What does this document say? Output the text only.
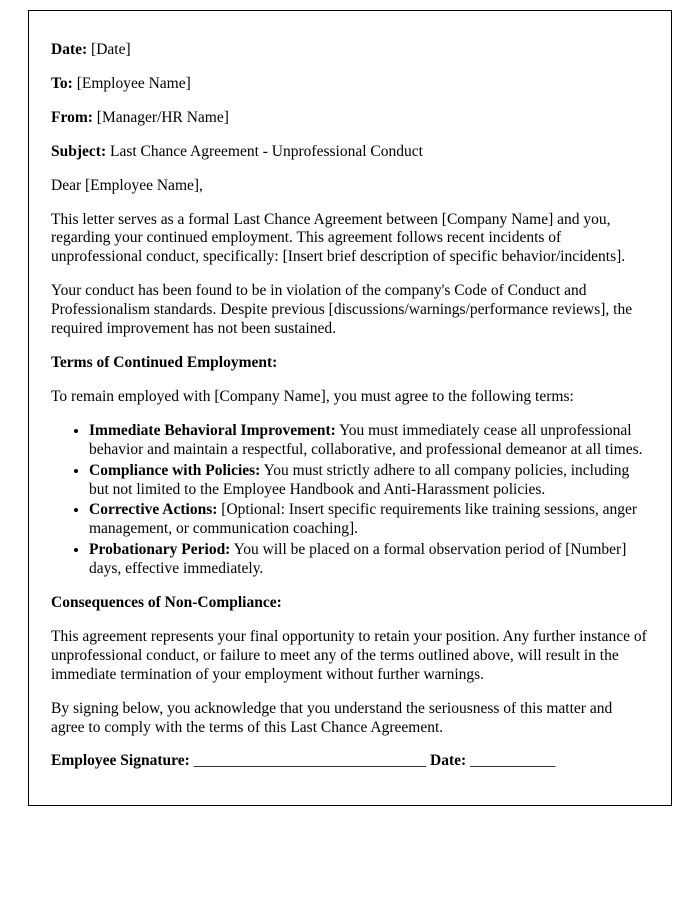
Date: [Date]

To: [Employee Name]

From: [Manager/HR Name]

Subject: Last Chance Agreement - Unprofessional Conduct

Dear [Employee Name],

This letter serves as a formal Last Chance Agreement between [Company Name] and you, regarding your continued employment. This agreement follows recent incidents of unprofessional conduct, specifically: [Insert brief description of specific behavior/incidents].

Your conduct has been found to be in violation of the company's Code of Conduct and Professionalism standards. Despite previous [discussions/warnings/performance reviews], the required improvement has not been sustained.

Terms of Continued Employment:

To remain employed with [Company Name], you must agree to the following terms:

• Immediate Behavioral Improvement: You must immediately cease all unprofessional behavior and maintain a respectful, collaborative, and professional demeanor at all times.
• Compliance with Policies: You must strictly adhere to all company policies, including but not limited to the Employee Handbook and Anti-Harassment policies.
• Corrective Actions: [Optional: Insert specific requirements like training sessions, anger management, or communication coaching].
• Probationary Period: You will be placed on a formal observation period of [Number] days, effective immediately.

Consequences of Non-Compliance:

This agreement represents your final opportunity to retain your position. Any further instance of unprofessional conduct, or failure to meet any of the terms outlined above, will result in the immediate termination of your employment without further warnings.

By signing below, you acknowledge that you understand the seriousness of this matter and agree to comply with the terms of this Last Chance Agreement.

Employee Signature: ______________________________ Date: ___________
